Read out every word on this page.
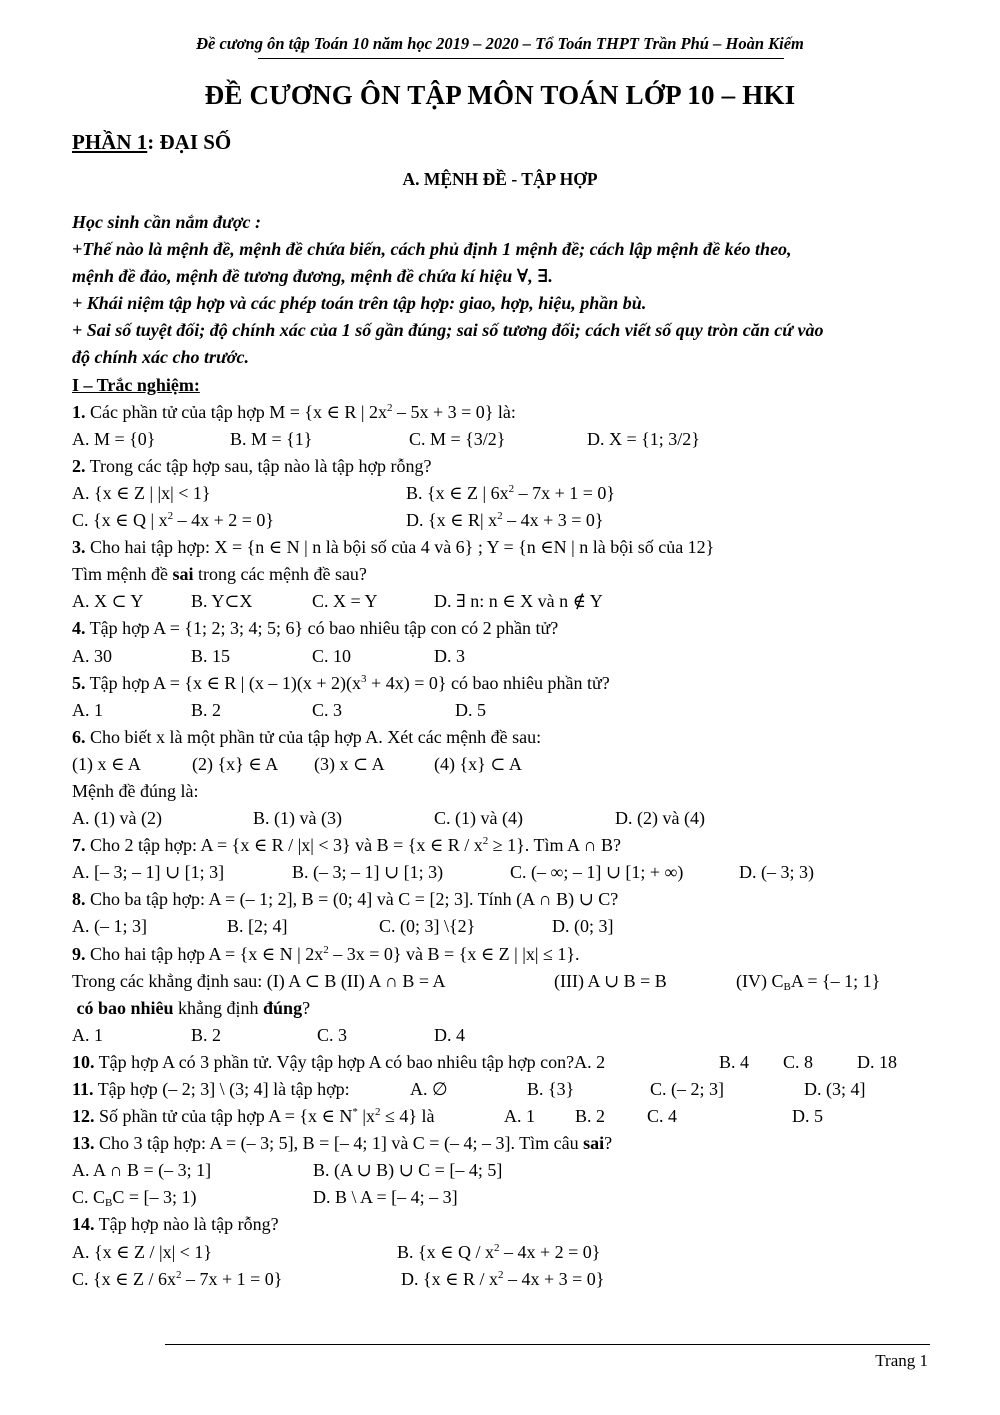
Đề cương ôn tập Toán 10 năm học 2019 – 2020 – Tổ Toán THPT Trần Phú – Hoàn Kiếm
ĐỀ CƯƠNG ÔN TẬP MÔN TOÁN LỚP 10 – HKI
PHẦN 1: ĐẠI SỐ
A. MỆNH ĐỀ - TẬP HỢP
Học sinh cần nắm được :
+Thế nào là mệnh đề, mệnh đề chứa biến, cách phủ định 1 mệnh đề; cách lập mệnh đề kéo theo,
mệnh đề đảo, mệnh đề tương đương, mệnh đề chứa kí hiệu ∀, ∃.
+ Khái niệm tập hợp và các phép toán trên tập hợp: giao, hợp, hiệu, phần bù.
+ Sai số tuyệt đối; độ chính xác của 1 số gần đúng; sai số tương đối; cách viết số quy tròn căn cứ vào
độ chính xác cho trước.
I – Trắc nghiệm:
1. Các phần tử của tập hợp M = {x ∈ R | $2x^2 - 5x + 3 = 0$} là:
A. M = {0}	B. M = {1}	C. M = {3/2}	D. X = {1; 3/2}
2. Trong các tập hợp sau, tập nào là tập hợp rỗng?
A. {x ∈ Z | |x| < 1}	B. {x ∈ Z | $6x^2 - 7x + 1 = 0$}
C. {x ∈ Q | $x^2 - 4x + 2 = 0$}	D. {x ∈ R| $x^2 - 4x + 3 = 0$}
3. Cho hai tập hợp: X = {n ∈ N | n là bội số của 4 và 6} ; Y = {n ∈N | n là bội số của 12}
Tìm mệnh đề sai trong các mệnh đề sau?
A. X ⊂ Y	B. Y⊂X	C. X = Y	D. ∃ n: n ∈ X và n ∉ Y
4. Tập hợp A = {1; 2; 3; 4; 5; 6} có bao nhiêu tập con có 2 phần tử?
A. 30	B. 15	C. 10	D. 3
5. Tập hợp A = {x ∈ R | $(x - 1)(x + 2)(x^3 + 4x) = 0$} có bao nhiêu phần tử?
A. 1	B. 2	C. 3	D. 5
6. Cho biết x là một phần tử của tập hợp A. Xét các mệnh đề sau:
(1) x ∈ A	(2) {x} ∈ A (3) x ⊂ A	(4) {x} ⊂ A
Mệnh đề đúng là:
A. (1) và (2)	B. (1) và (3)	C. (1) và (4)	D. (2) và (4)
7. Cho 2 tập hợp: A = {x ∈ R / |x| < 3} và B = {x ∈ $R / x^2 \ge 1$}. Tìm A ∩ B?
A. [– 3; – 1] ∪ [1; 3]	B. (– 3; – 1] ∪ [1; 3)	C. (– ∞; – 1] ∪ [1; + ∞)	D. (– 3; 3)
8. Cho ba tập hợp: A = (– 1; 2], B = (0; 4] và C = [2; 3]. Tính (A ∩ B) ∪ C?
A. (– 1; 3]	B. [2; 4]	C. (0; 3] \{2}	D. (0; 3]
9. Cho hai tập hợp A = {x ∈ N | $2x^2 - 3x = 0$} và B = {x ∈ Z | |x| ≤ 1}.
Trong các khẳng định sau: (I) A ⊂ B (II) A ∩ B = A	(III) A ∪ B = B	(IV) $C_BA$ = {– 1; 1}
có bao nhiêu khẳng định đúng?
A. 1	B. 2	C. 3	D. 4
10. Tập hợp A có 3 phần tử. Vậy tập hợp A có bao nhiêu tập hợp con?A. 2	B. 4 C. 8 D. 18
11. Tập hợp (– 2; 3] \ (3; 4] là tập hợp:	A. ∅	B. {3}	C. (– 2; 3]	D. (3; 4]
12. Số phần tử của tập hợp A = {x ∈ N* $|x^2 \le 4$} là	A. 1 B. 2 C. 4	D. 5
13. Cho 3 tập hợp: A = (– 3; 5], B = [– 4; 1] và C = (– 4; – 3]. Tìm câu sai?
A. A ∩ B = (– 3; 1]	B. (A ∪ B) ∪ C = [– 4; 5]
C. $C_BC$ = [– 3; 1)	D. B \ A = [– 4; – 3]
14. Tập hợp nào là tập rỗng?
A. {x ∈ Z / |x| < 1}	B. {x ∈ $Q / x^2 - 4x + 2 = 0$}
C. {x ∈ $Z / 6x^2 - 7x + 1 = 0$}	D. {x ∈ $R / x^2 - 4x + 3 = 0$}
Trang 1
